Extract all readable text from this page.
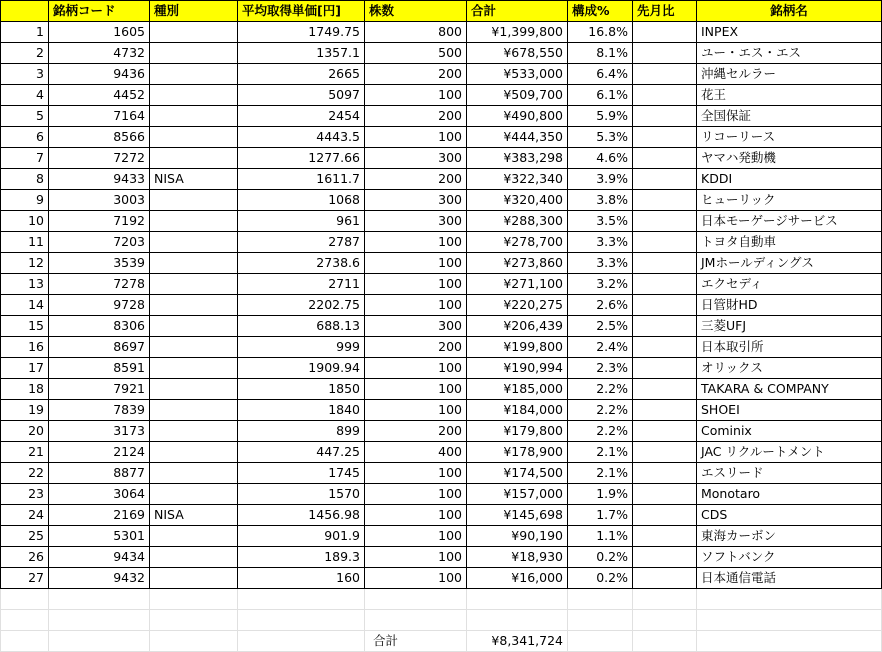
	銘柄コード	種別	平均取得単価[円]	株数	合計	構成%	先月比	銘柄名
1	1605		1749.75	800	¥1,399,800	16.8%		INPEX
2	4732		1357.1	500	¥678,550	8.1%		ユー・エス・エス
3	9436		2665	200	¥533,000	6.4%		沖縄セルラー
4	4452		5097	100	¥509,700	6.1%		花王
5	7164		2454	200	¥490,800	5.9%		全国保証
6	8566		4443.5	100	¥444,350	5.3%		リコーリース
7	7272		1277.66	300	¥383,298	4.6%		ヤマハ発動機
8	9433	NISA	1611.7	200	¥322,340	3.9%		KDDI
9	3003		1068	300	¥320,400	3.8%		ヒューリック
10	7192		961	300	¥288,300	3.5%		日本モーゲージサービス
11	7203		2787	100	¥278,700	3.3%		トヨタ自動車
12	3539		2738.6	100	¥273,860	3.3%		JMホールディングス
13	7278		2711	100	¥271,100	3.2%		エクセディ
14	9728		2202.75	100	¥220,275	2.6%		日管財HD
15	8306		688.13	300	¥206,439	2.5%		三菱UFJ
16	8697		999	200	¥199,800	2.4%		日本取引所
17	8591		1909.94	100	¥190,994	2.3%		オリックス
18	7921		1850	100	¥185,000	2.2%		TAKARA & COMPANY
19	7839		1840	100	¥184,000	2.2%		SHOEI
20	3173		899	200	¥179,800	2.2%		Cominix
21	2124		447.25	400	¥178,900	2.1%		JAC リクルートメント
22	8877		1745	100	¥174,500	2.1%		エスリード
23	3064		1570	100	¥157,000	1.9%		Monotaro
24	2169	NISA	1456.98	100	¥145,698	1.7%		CDS
25	5301		901.9	100	¥90,190	1.1%		東海カーボン
26	9434		189.3	100	¥18,930	0.2%		ソフトバンク
27	9432		160	100	¥16,000	0.2%		日本通信電話

				合計	¥8,341,724			
